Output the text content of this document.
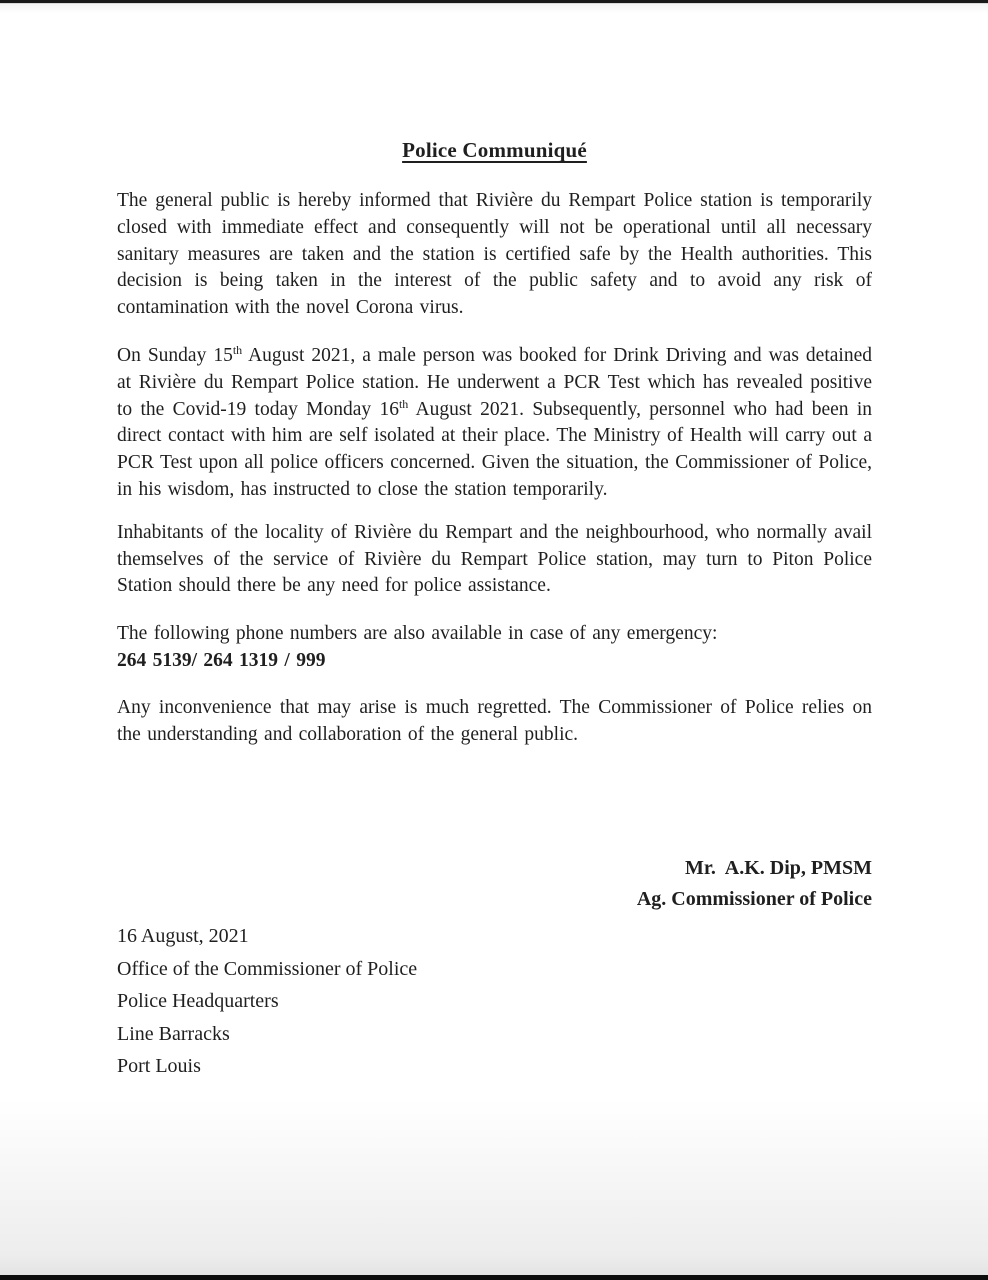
Police Communiqué

The general public is hereby informed that Rivière du Rempart Police station is temporarily closed with immediate effect and consequently will not be operational until all necessary sanitary measures are taken and the station is certified safe by the Health authorities. This decision is being taken in the interest of the public safety and to avoid any risk of contamination with the novel Corona virus.

On Sunday 15th August 2021, a male person was booked for Drink Driving and was detained at Rivière du Rempart Police station. He underwent a PCR Test which has revealed positive to the Covid-19 today Monday 16th August 2021. Subsequently, personnel who had been in direct contact with him are self isolated at their place. The Ministry of Health will carry out a PCR Test upon all police officers concerned. Given the situation, the Commissioner of Police, in his wisdom, has instructed to close the station temporarily.

Inhabitants of the locality of Rivière du Rempart and the neighbourhood, who normally avail themselves of the service of Rivière du Rempart Police station, may turn to Piton Police Station should there be any need for police assistance.

The following phone numbers are also available in case of any emergency:
264 5139/ 264 1319 / 999

Any inconvenience that may arise is much regretted. The Commissioner of Police relies on the understanding and collaboration of the general public.

Mr.  A.K. Dip, PMSM
Ag. Commissioner of Police
16 August, 2021
Office of the Commissioner of Police
Police Headquarters
Line Barracks
Port Louis
